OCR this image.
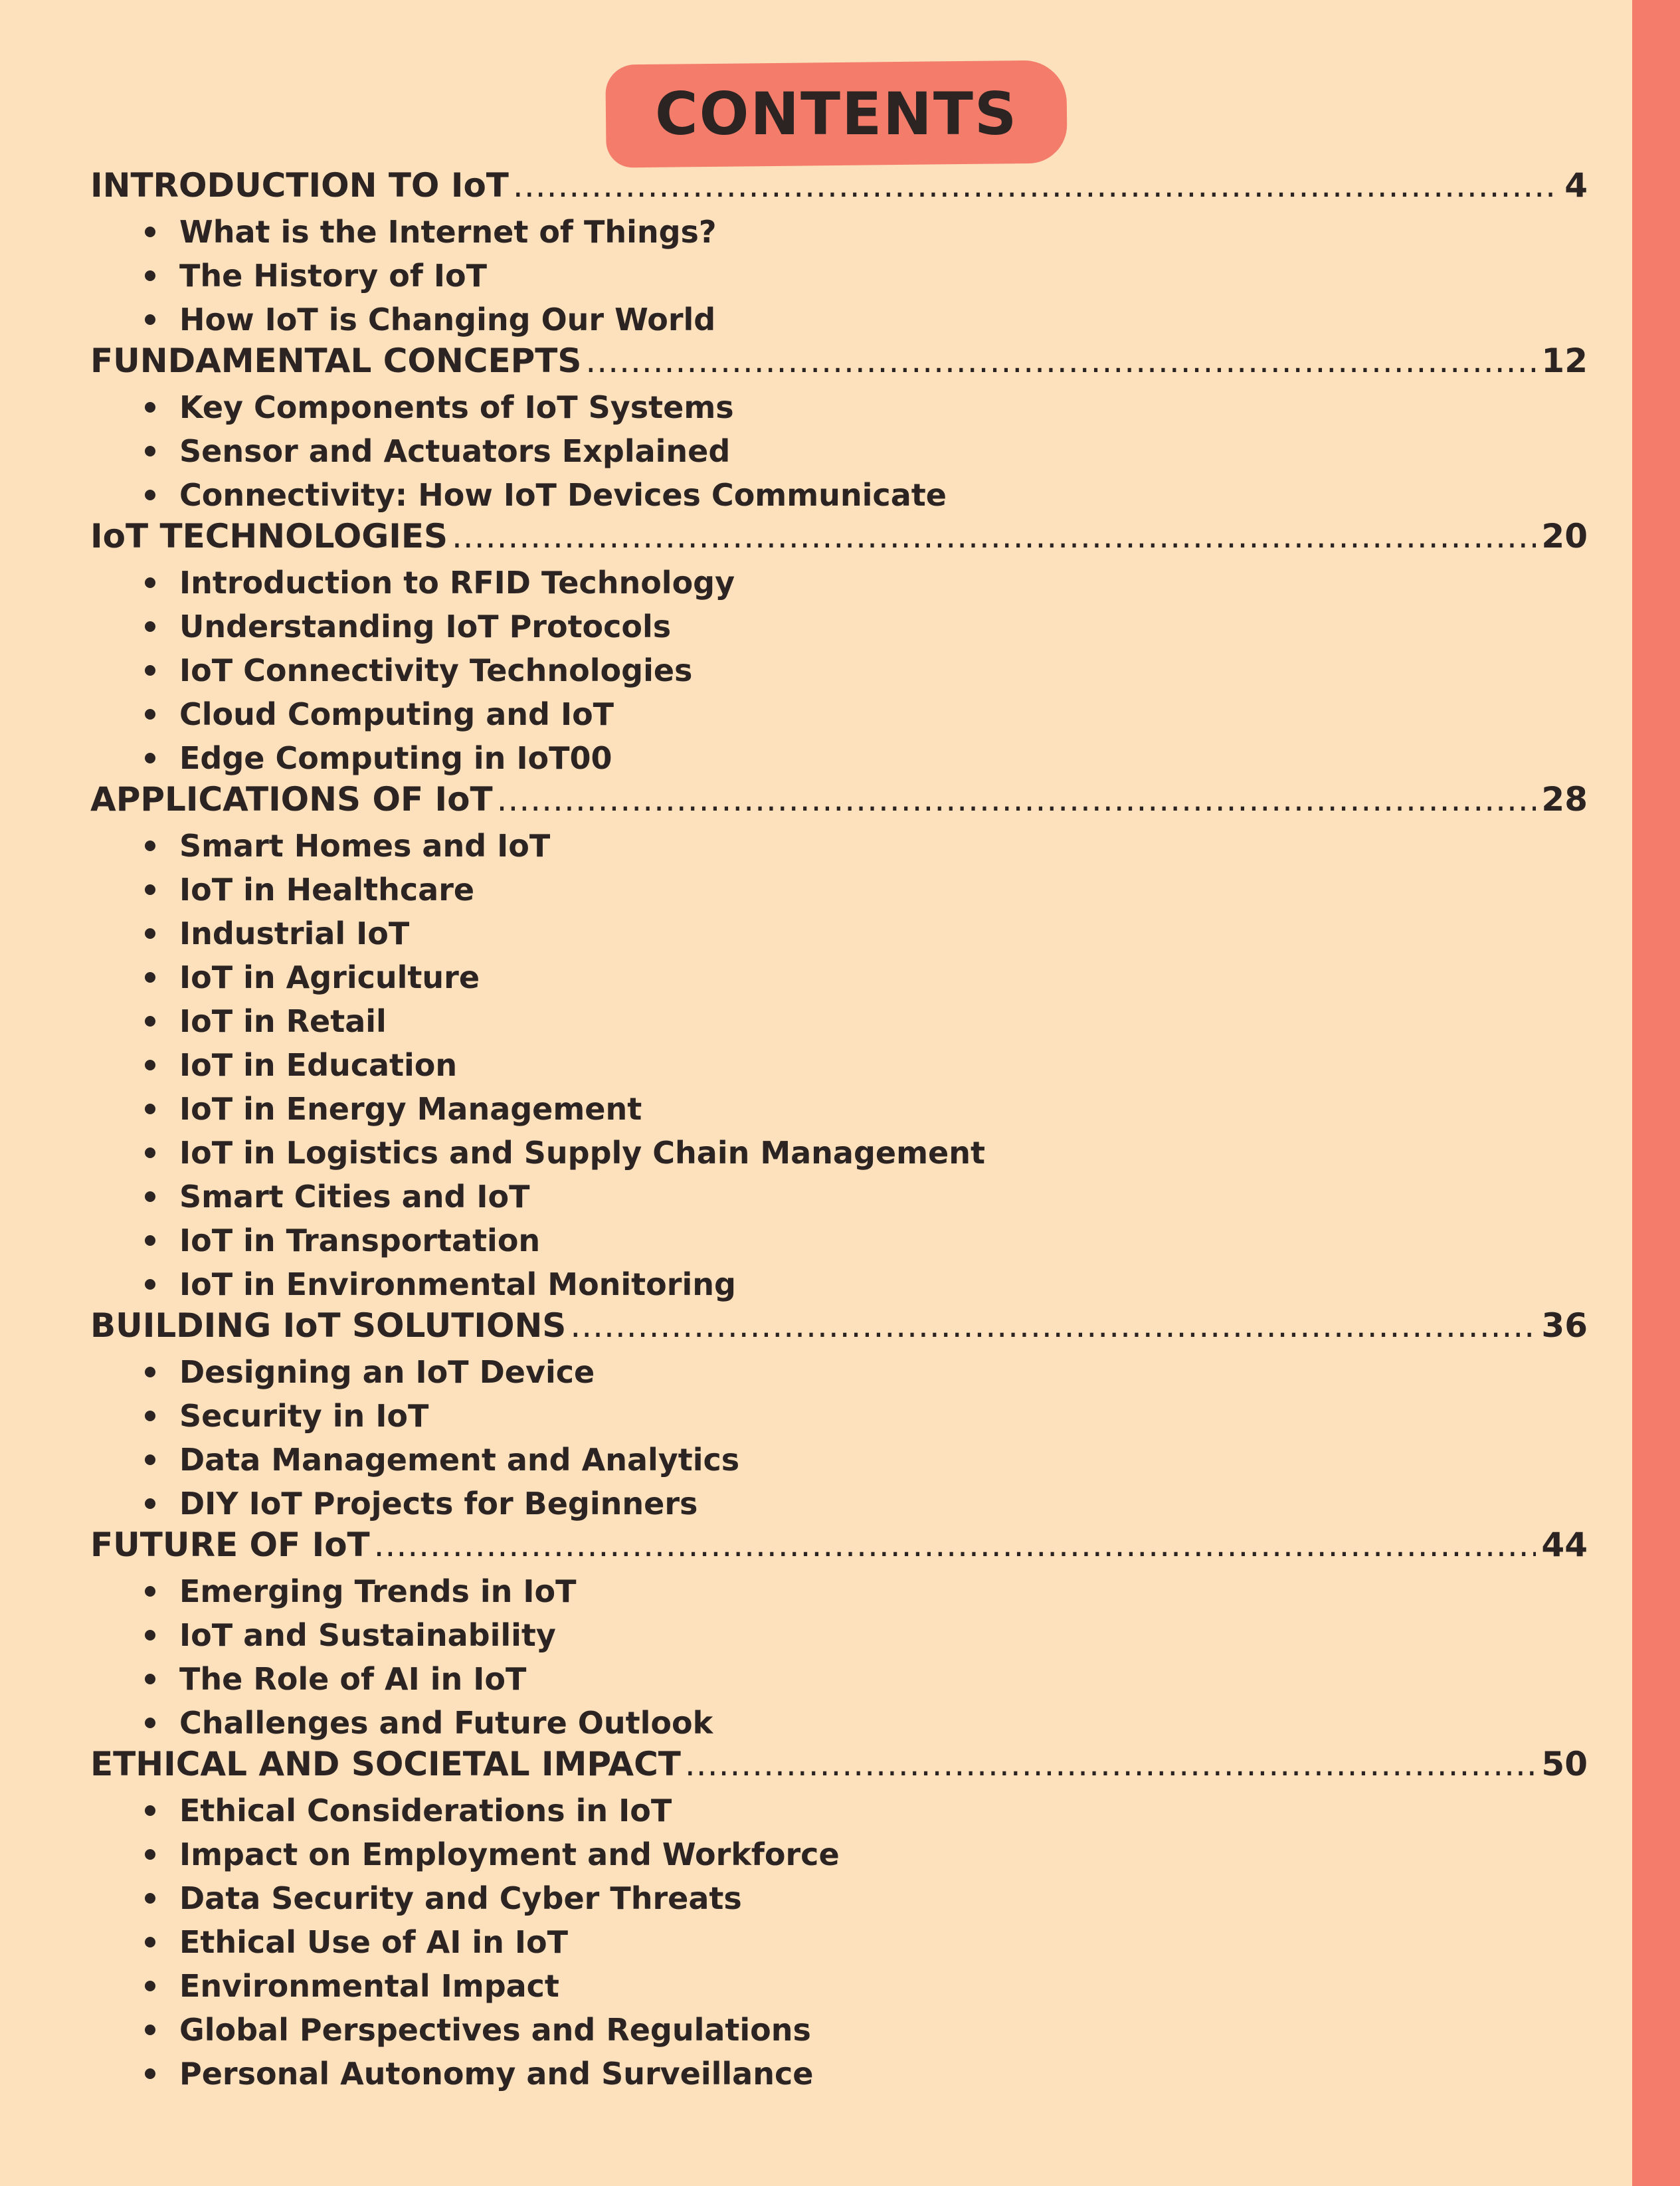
CONTENTS
INTRODUCTION TO IoT .....	4
What is the Internet of Things?
The History of IoT
How IoT is Changing Our World
FUNDAMENTAL CONCEPTS .....	12
Key Components of IoT Systems
Sensor and Actuators Explained
Connectivity: How IoT Devices Communicate
IoT TECHNOLOGIES .....	20
Introduction to RFID Technology
Understanding IoT Protocols
IoT Connectivity Technologies
Cloud Computing and IoT
Edge Computing in IoT00
APPLICATIONS OF IoT .....	28
Smart Homes and IoT
IoT in Healthcare
Industrial IoT
IoT in Agriculture
IoT in Retail
IoT in Education
IoT in Energy Management
IoT in Logistics and Supply Chain Management
Smart Cities and IoT
IoT in Transportation
IoT in Environmental Monitoring
BUILDING IoT SOLUTIONS .....	36
Designing an IoT Device
Security in IoT
Data Management and Analytics
DIY IoT Projects for Beginners
FUTURE OF IoT .....	44
Emerging Trends in IoT
IoT and Sustainability
The Role of AI in IoT
Challenges and Future Outlook
ETHICAL AND SOCIETAL IMPACT .....	50
Ethical Considerations in IoT
Impact on Employment and Workforce
Data Security and Cyber Threats
Ethical Use of AI in IoT
Environmental Impact
Global Perspectives and Regulations
Personal Autonomy and Surveillance
